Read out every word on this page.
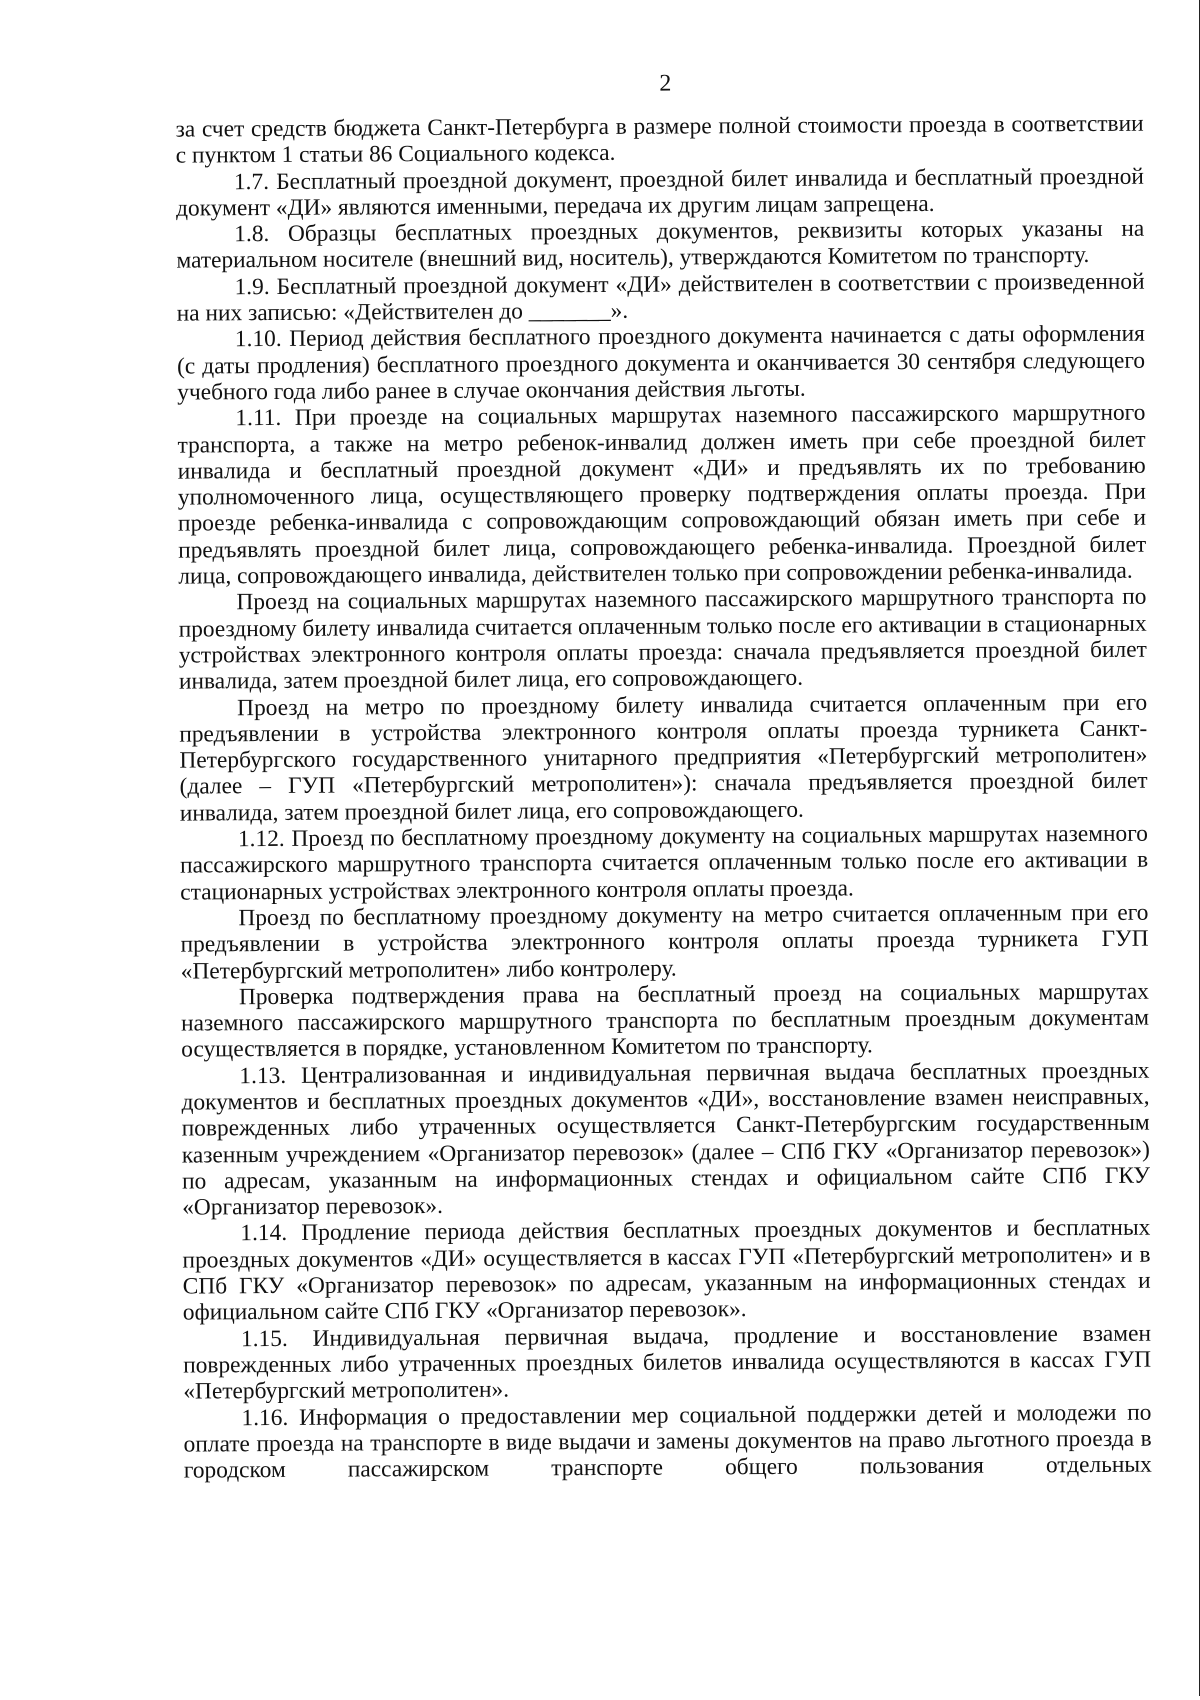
2

за счет средств бюджета Санкт-Петербурга в размере полной стоимости проезда в соответствии с пунктом 1 статьи 86 Социального кодекса.

1.7. Бесплатный проездной документ, проездной билет инвалида и бесплатный проездной документ «ДИ» являются именными, передача их другим лицам запрещена.

1.8. Образцы бесплатных проездных документов, реквизиты которых указаны на материальном носителе (внешний вид, носитель), утверждаются Комитетом по транспорту.

1.9. Бесплатный проездной документ «ДИ» действителен в соответствии с произведенной на них записью: «Действителен до _______».

1.10. Период действия бесплатного проездного документа начинается с даты оформления (с даты продления) бесплатного проездного документа и оканчивается 30 сентября следующего учебного года либо ранее в случае окончания действия льготы.

1.11. При проезде на социальных маршрутах наземного пассажирского маршрутного транспорта, а также на метро ребенок-инвалид должен иметь при себе проездной билет инвалида и бесплатный проездной документ «ДИ» и предъявлять их по требованию уполномоченного лица, осуществляющего проверку подтверждения оплаты проезда. При проезде ребенка-инвалида с сопровождающим сопровождающий обязан иметь при себе и предъявлять проездной билет лица, сопровождающего ребенка-инвалида. Проездной билет лица, сопровождающего инвалида, действителен только при сопровождении ребенка-инвалида.

Проезд на социальных маршрутах наземного пассажирского маршрутного транспорта по проездному билету инвалида считается оплаченным только после его активации в стационарных устройствах электронного контроля оплаты проезда: сначала предъявляется проездной билет инвалида, затем проездной билет лица, его сопровождающего.

Проезд на метро по проездному билету инвалида считается оплаченным при его предъявлении в устройства электронного контроля оплаты проезда турникета Санкт-Петербургского государственного унитарного предприятия «Петербургский метрополитен» (далее – ГУП «Петербургский метрополитен»): сначала предъявляется проездной билет инвалида, затем проездной билет лица, его сопровождающего.

1.12. Проезд по бесплатному проездному документу на социальных маршрутах наземного пассажирского маршрутного транспорта считается оплаченным только после его активации в стационарных устройствах электронного контроля оплаты проезда.

Проезд по бесплатному проездному документу на метро считается оплаченным при его предъявлении в устройства электронного контроля оплаты проезда турникета ГУП «Петербургский метрополитен» либо контролеру.

Проверка подтверждения права на бесплатный проезд на социальных маршрутах наземного пассажирского маршрутного транспорта по бесплатным проездным документам осуществляется в порядке, установленном Комитетом по транспорту.

1.13. Централизованная и индивидуальная первичная выдача бесплатных проездных документов и бесплатных проездных документов «ДИ», восстановление взамен неисправных, поврежденных либо утраченных осуществляется Санкт-Петербургским государственным казенным учреждением «Организатор перевозок» (далее – СПб ГКУ «Организатор перевозок») по адресам, указанным на информационных стендах и официальном сайте СПб ГКУ «Организатор перевозок».

1.14. Продление периода действия бесплатных проездных документов и бесплатных проездных документов «ДИ» осуществляется в кассах ГУП «Петербургский метрополитен» и в СПб ГКУ «Организатор перевозок» по адресам, указанным на информационных стендах и официальном сайте СПб ГКУ «Организатор перевозок».

1.15. Индивидуальная первичная выдача, продление и восстановление взамен поврежденных либо утраченных проездных билетов инвалида осуществляются в кассах ГУП «Петербургский метрополитен».

1.16. Информация о предоставлении мер социальной поддержки детей и молодежи по оплате проезда на транспорте в виде выдачи и замены документов на право льготного проезда в городском пассажирском транспорте общего пользования отдельных
